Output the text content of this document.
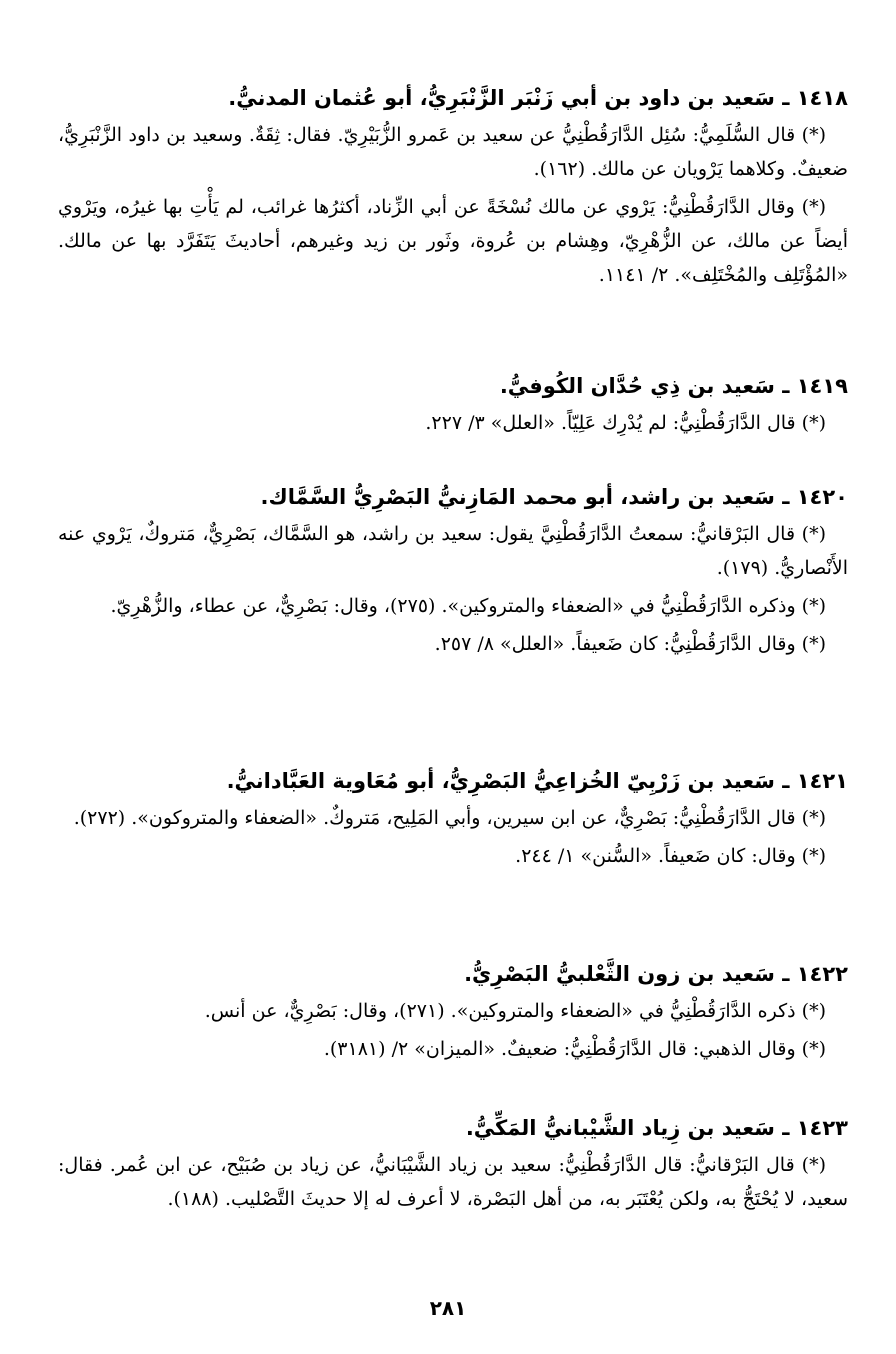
١٤١٨ ـ سَعيد بن داود بن أبي زَنْبَر الزَّنْبَرِيُّ، أبو عُثمان المدنيُّ.

(*) قال السُّلَمِيُّ: سُئِل الدَّارَقُطْنِيُّ عن سعيد بن عَمرو الزُّبَيْرِيّ. فقال: ثِقَةٌ. وسعيد بن داود الزَّنْبَرِيُّ، ضعيفٌ. وكلاهما يَرْويان عن مالك. (١٦٢).

(*) وقال الدَّارَقُطْنِيُّ: يَرْوي عن مالك نُسْخَةً عن أبي الزِّناد، أكثرُها غرائب، لم يَأْتِ بها غيرُه، ويَرْوي أيضاً عن مالك، عن الزُّهْرِيّ، وهِشام بن عُروة، وثَور بن زيد وغيرهم، أحاديثَ يَتَفَرَّد بها عن مالك. «المُؤْتَلِف والمُخْتَلِف». ٢/ ١١٤١.

١٤١٩ ـ سَعيد بن ذِي حُدَّان الكُوفيُّ.

(*) قال الدَّارَقُطْنِيُّ: لم يُدْرِك عَلِيّاً. «العلل» ٣/ ٢٢٧.

١٤٢٠ ـ سَعيد بن راشد، أبو محمد المَازِنيُّ البَصْرِيُّ السَّمَّاك.

(*) قال البَرْقانيُّ: سمعتُ الدَّارَقُطْنِيَّ يقول: سعيد بن راشد، هو السَّمَّاك، بَصْرِيٌّ، مَتروكٌ، يَرْوي عنه الأَنْصاريُّ. (١٧٩).

(*) وذكره الدَّارَقُطْنِيُّ في «الضعفاء والمتروكين». (٢٧٥)، وقال: بَصْرِيٌّ، عن عطاء، والزُّهْرِيّ.

(*) وقال الدَّارَقُطْنِيُّ: كان ضَعيفاً. «العلل» ٨/ ٢٥٧.

١٤٢١ ـ سَعيد بن زَرْبِيّ الخُزاعِيُّ البَصْرِيُّ، أبو مُعَاوية العَبَّادانيُّ.

(*) قال الدَّارَقُطْنِيُّ: بَصْرِيٌّ، عن ابن سيرين، وأبي المَلِيح، مَتروكٌ. «الضعفاء والمتروكون». (٢٧٢).

(*) وقال: كان ضَعيفاً. «السُّنن» ١/ ٢٤٤.

١٤٢٢ ـ سَعيد بن زون الثَّعْلبيُّ البَصْرِيُّ.

(*) ذكره الدَّارَقُطْنِيُّ في «الضعفاء والمتروكين». (٢٧١)، وقال: بَصْرِيٌّ، عن أنس.

(*) وقال الذهبي: قال الدَّارَقُطْنِيُّ: ضعيفٌ. «الميزان» ٢/ (٣١٨١).

١٤٢٣ ـ سَعيد بن زِياد الشَّيْبانيُّ المَكِّيُّ.

(*) قال البَرْقانيُّ: قال الدَّارَقُطْنِيُّ: سعيد بن زياد الشَّيْبَانيُّ، عن زياد بن صُبَيْح، عن ابن عُمر. فقال: سعيد، لا يُحْتَجُّ به، ولكن يُعْتَبَر به، من أهل البَصْرة، لا أعرف له إلا حديثَ التَّصْليب. (١٨٨).

٢٨١
